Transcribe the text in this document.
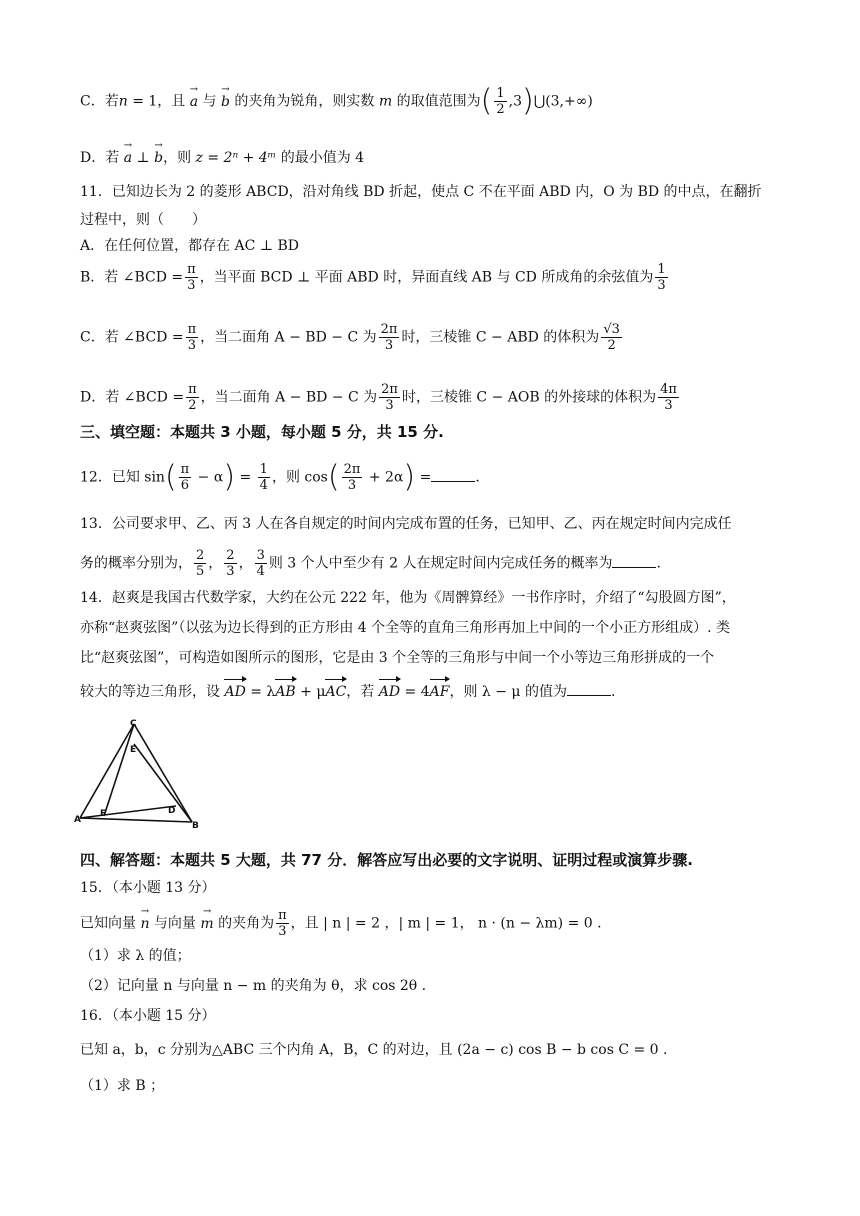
C．若n = 1，且 → a 与 → b 的夹角为锐角，则实数 m 的取值范围为( $\frac{1}{2}$ ,3)⋃(3,+∞)
D．若 → a ⊥ → b，则 z = 2ⁿ + 4ᵐ 的最小值为 4
11．已知边长为 2 的菱形 ABCD，沿对角线 BD 折起，使点 C 不在平面 ABD 内，O 为 BD 的中点，在翻折
过程中，则（　　）
A．在任何位置，都存在 AC ⊥ BD
B．若 ∠BCD = $\frac{\pi}{3}$ ，当平面 BCD ⊥ 平面 ABD 时，异面直线 AB 与 CD 所成角的余弦值为 $\frac{1}{3}$
C．若 ∠BCD = $\frac{\pi}{3}$ ，当二面角 A − BD − C 为 $\frac{2\pi}{3}$ 时，三棱锥 C − ABD 的体积为 $\frac{√3}{2}$
D．若 ∠BCD = $\frac{\pi}{2}$ ，当二面角 A − BD − C 为 $\frac{2\pi}{3}$ 时，三棱锥 C − AOB 的外接球的体积为 $\frac{4\pi}{3}$
三、填空题：本题共 3 小题，每小题 5 分，共 15 分.
12．已知 $\sin( \frac{\pi}{6} - \alpha) = \frac{1}{4}$ ，则 $\cos( \frac{2\pi}{3} + 2\alpha)$ =	.
13．公司要求甲、乙、丙 3 人在各自规定的时间内完成布置的任务，已知甲、乙、丙在规定时间内完成任
务的概率分别为， $\frac{2}{5}$ ， $\frac{2}{3}$ ， $\frac{3}{4}$ 则 3 个人中至少有 2 人在规定时间内完成任务的概率为	.
14．赵爽是我国古代数学家，大约在公元 222 年，他为《周髀算经》一书作序时，介绍了“勾股圆方图”，
亦称“赵爽弦图”（以弦为边长得到的正方形由 4 个全等的直角三角形再加上中间的一个小正方形组成）. 类
比“赵爽弦图”，可构造如图所示的图形，它是由 3 个全等的三角形与中间一个小等边三角形拼成的一个
较大的等边三角形，设 AD = λAB + μAC，若 AD = 4AF，则 λ − μ 的值为	.
A
B
C
D
E
F
四、解答题：本题共 5 大题，共 77 分．解答应写出必要的文字说明、证明过程或演算步骤.
15．（本小题 13 分）
已知向量 → n 与向量 → m 的夹角为 $\frac{\pi}{3}$ ，且 | n | = 2 ，| m | = 1， n · (n − λm) = 0 .
（1）求 λ 的值；
（2）记向量 n 与向量 n − m 的夹角为 θ，求 cos 2θ .
16．（本小题 15 分）
已知 a，b，c 分别为△ABC 三个内角 A，B，C 的对边，且 (2a − c) cos B − b cos C = 0 .
（1）求 B ；
